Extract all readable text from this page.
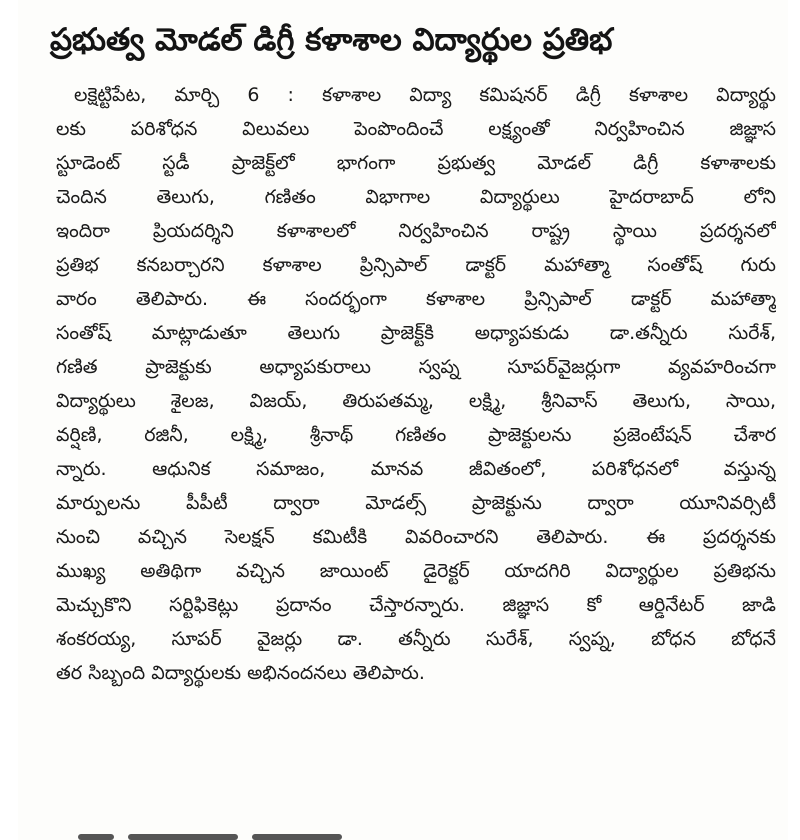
ప్రభుత్వ మోడల్ డిగ్రీ కళాశాల విద్యార్థుల ప్రతిభ
లక్షెట్టిపేట, మార్చి 6 : కళాశాల విద్యా కమిషనర్ డిగ్రీ కళాశాల విద్యార్థు
లకు పరిశోధన విలువలు పెంపొందించే లక్ష్యంతో నిర్వహించిన జిజ్ఞాస
స్టూడెంట్ స్టడీ ప్రాజెక్ట్‌లో భాగంగా ప్రభుత్వ మోడల్ డిగ్రీ కళాశాలకు
చెందిన తెలుగు, గణితం విభాగాల విద్యార్థులు హైదరాబాద్ లోని
ఇందిరా ప్రియదర్శిని కళాశాలలో నిర్వహించిన రాష్ట్ర స్థాయి ప్రదర్శనలో
ప్రతిభ కనబర్చారని కళాశాల ప్రిన్సిపాల్ డాక్టర్ మహాత్మా సంతోష్ గురు
వారం తెలిపారు. ఈ సందర్భంగా కళాశాల ప్రిన్సిపాల్ డాక్టర్ మహాత్మా
సంతోష్ మాట్లాడుతూ తెలుగు ప్రాజెక్ట్‌కి అధ్యాపకుడు డా.తన్నీరు సురేశ్,
గణిత ప్రాజెక్టుకు అధ్యాపకురాలు స్వప్న సూపర్‌వైజర్లుగా వ్యవహరించగా
విద్యార్థులు శైలజ, విజయ్, తిరుపతమ్మ, లక్ష్మి, శ్రీనివాస్ తెలుగు, సాయి,
వర్షిణి, రజినీ, లక్ష్మి, శ్రీనాథ్ గణితం ప్రాజెక్టులను ప్రజెంటేషన్ చేశార
న్నారు. ఆధునిక సమాజం, మానవ జీవితంలో, పరిశోధనలో వస్తున్న
మార్పులను పీపీటీ ద్వారా మోడల్స్ ప్రాజెక్టును ద్వారా యూనివర్సిటీ
నుంచి వచ్చిన సెలక్షన్ కమిటీకి వివరించారని తెలిపారు. ఈ ప్రదర్శనకు
ముఖ్య అతిథిగా వచ్చిన జాయింట్ డైరెక్టర్ యాదగిరి విద్యార్థుల ప్రతిభను
మెచ్చుకొని సర్టిఫికెట్లు ప్రదానం చేస్తారన్నారు. జిజ్ఞాస కో ఆర్డినేటర్ జాడి
శంకరయ్య, సూపర్ వైజర్లు డా. తన్నీరు సురేశ్, స్వప్న, బోధన బోధనే
తర సిబ్బంది విద్యార్థులకు అభినందనలు తెలిపారు.
